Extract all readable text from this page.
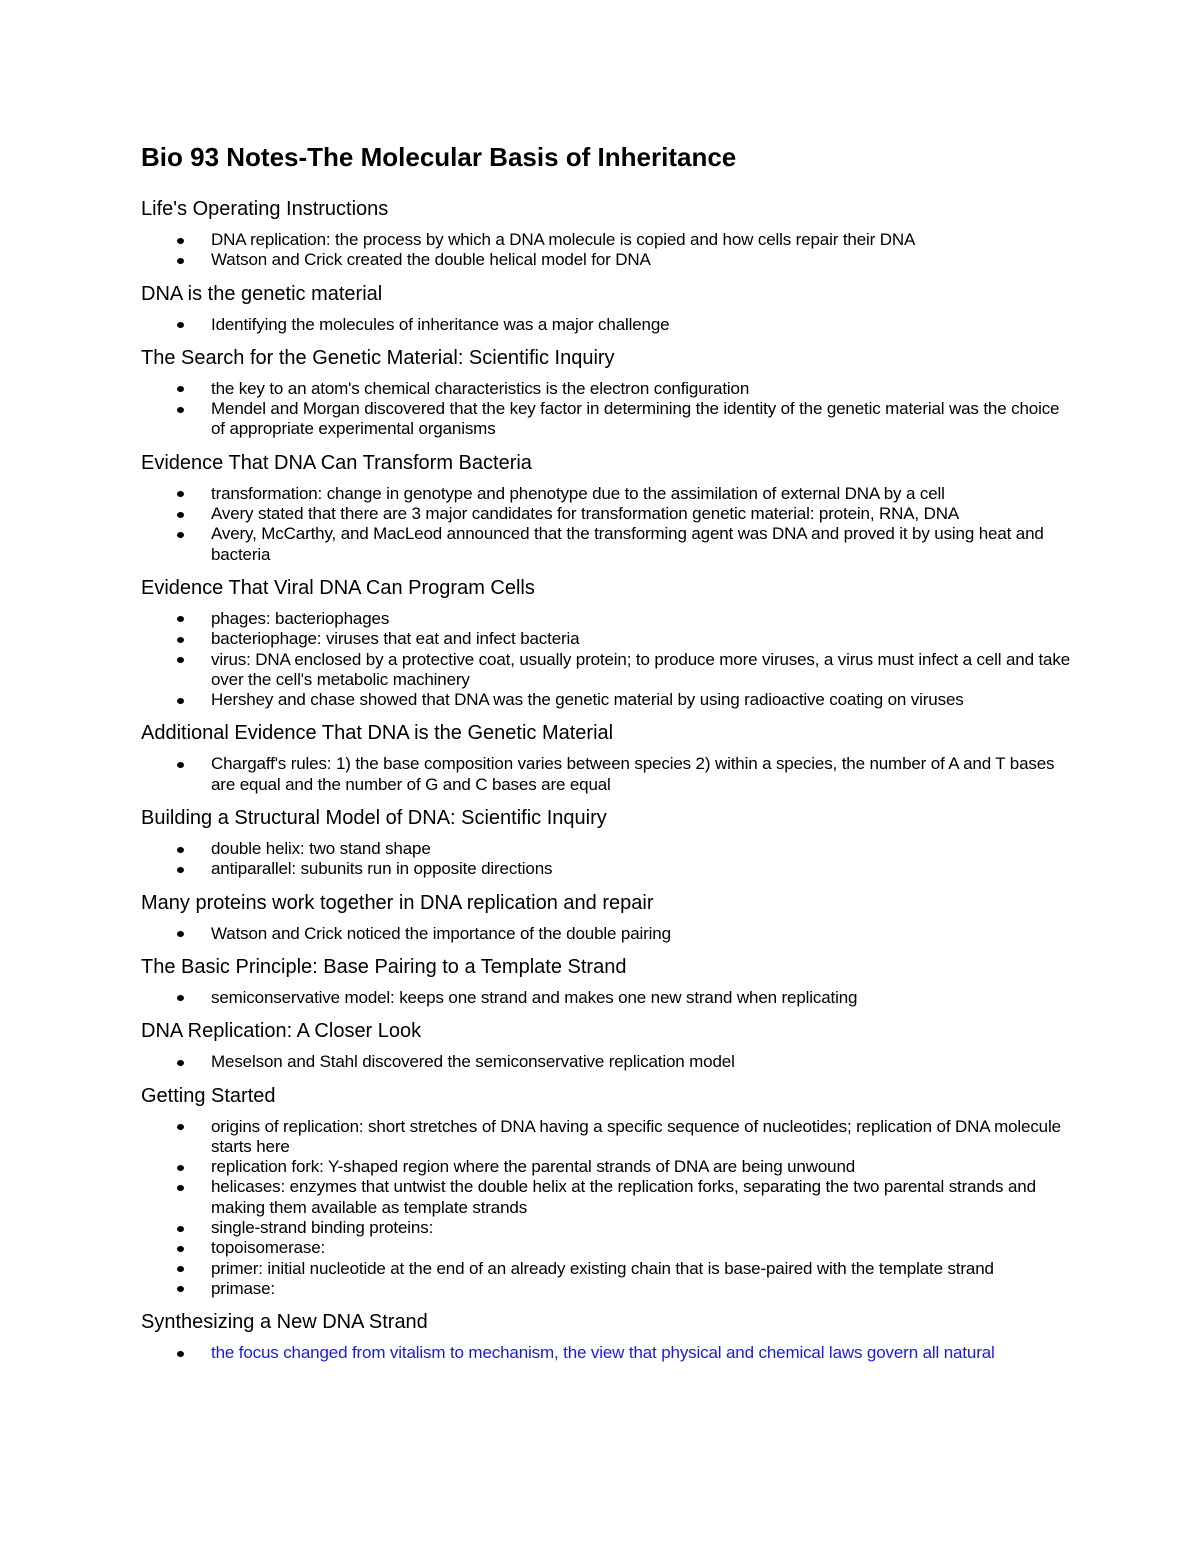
Bio 93 Notes-The Molecular Basis of Inheritance
Life's Operating Instructions
DNA replication: the process by which a DNA molecule is copied and how cells repair their DNA
Watson and Crick created the double helical model for DNA
DNA is the genetic material
Identifying the molecules of inheritance was a major challenge
The Search for the Genetic Material: Scientific Inquiry
the key to an atom's chemical characteristics is the electron configuration
Mendel and Morgan discovered that the key factor in determining the identity of the genetic material was the choice of appropriate experimental organisms
Evidence That DNA Can Transform Bacteria
transformation: change in genotype and phenotype due to the assimilation of external DNA by a cell
Avery stated that there are 3 major candidates for transformation genetic material: protein, RNA, DNA
Avery, McCarthy, and MacLeod announced that the transforming agent was DNA and proved it by using heat and bacteria
Evidence That Viral DNA Can Program Cells
phages: bacteriophages
bacteriophage: viruses that eat and infect bacteria
virus: DNA enclosed by a protective coat, usually protein; to produce more viruses, a virus must infect a cell and take over the cell's metabolic machinery
Hershey and chase showed that DNA was the genetic material by using radioactive coating on viruses
Additional Evidence That DNA is the Genetic Material
Chargaff's rules: 1) the base composition varies between species 2) within a species, the number of A and T bases are equal and the number of G and C bases are equal
Building a Structural Model of DNA: Scientific Inquiry
double helix: two stand shape
antiparallel: subunits run in opposite directions
Many proteins work together in DNA replication and repair
Watson and Crick noticed the importance of the double pairing
The Basic Principle: Base Pairing to a Template Strand
semiconservative model: keeps one strand and makes one new strand when replicating
DNA Replication: A Closer Look
Meselson and Stahl discovered the semiconservative replication model
Getting Started
origins of replication: short stretches of DNA having a specific sequence of nucleotides; replication of DNA molecule starts here
replication fork: Y-shaped region where the parental strands of DNA are being unwound
helicases: enzymes that untwist the double helix at the replication forks, separating the two parental strands and making them available as template strands
single-strand binding proteins:
topoisomerase:
primer: initial nucleotide at the end of an already existing chain that is base-paired with the template strand
primase:
Synthesizing a New DNA Strand
the focus changed from vitalism to mechanism, the view that physical and chemical laws govern all natural
